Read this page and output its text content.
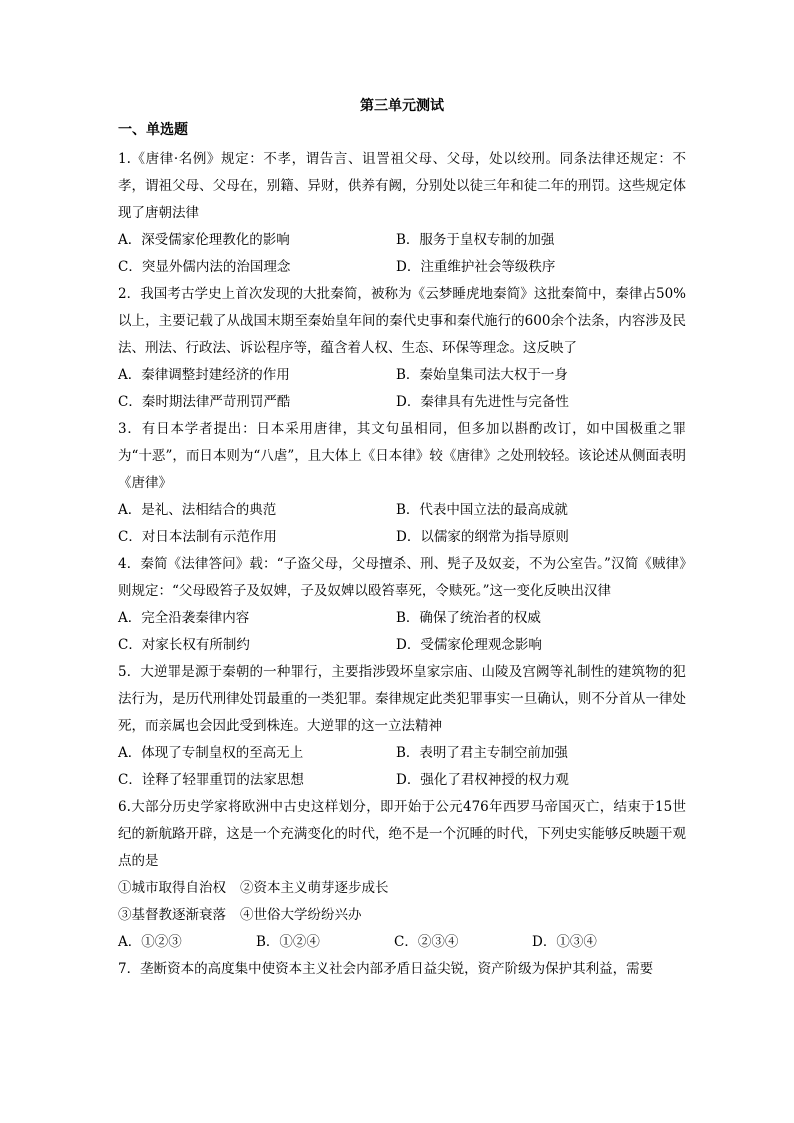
第三单元测试
一、单选题
1.《唐律·名例》规定：不孝，谓告言、诅詈祖父母、父母，处以绞刑。同条法律还规定：不孝，谓祖父母、父母在，别籍、异财，供养有阙，分别处以徒三年和徒二年的刑罚。这些规定体现了唐朝法律
A．深受儒家伦理教化的影响	B．服务于皇权专制的加强
C．突显外儒内法的治国理念	D．注重维护社会等级秩序
2．我国考古学史上首次发现的大批秦简，被称为《云梦睡虎地秦简》这批秦简中，秦律占50%以上，主要记载了从战国末期至秦始皇年间的秦代史事和秦代施行的600余个法条，内容涉及民法、刑法、行政法、诉讼程序等，蕴含着人权、生态、环保等理念。这反映了
A．秦律调整封建经济的作用	B．秦始皇集司法大权于一身
C．秦时期法律严苛刑罚严酷	D．秦律具有先进性与完备性
3．有日本学者提出：日本采用唐律，其文句虽相同，但多加以斟酌改订，如中国极重之罪为“十恶”，而日本则为“八虐”，且大体上《日本律》较《唐律》之处刑较轻。该论述从侧面表明《唐律》
A．是礼、法相结合的典范	B．代表中国立法的最高成就
C．对日本法制有示范作用	D．以儒家的纲常为指导原则
4．秦简《法律答问》载：“子盗父母，父母擅杀、刑、髡子及奴妾，不为公室告。”汉简《贼律》则规定：“父母殴笞子及奴婢，子及奴婢以殴笞辜死，令赎死。”这一变化反映出汉律
A．完全沿袭秦律内容	B．确保了统治者的权威
C．对家长权有所制约	D．受儒家伦理观念影响
5．大逆罪是源于秦朝的一种罪行，主要指涉毁坏皇家宗庙、山陵及宫阙等礼制性的建筑物的犯法行为，是历代刑律处罚最重的一类犯罪。秦律规定此类犯罪事实一旦确认，则不分首从一律处死，而亲属也会因此受到株连。大逆罪的这一立法精神
A．体现了专制皇权的至高无上	B．表明了君主专制空前加强
C．诠释了轻罪重罚的法家思想	D．强化了君权神授的权力观
6.大部分历史学家将欧洲中古史这样划分，即开始于公元476年西罗马帝国灭亡，结束于15世纪的新航路开辟，这是一个充满变化的时代，绝不是一个沉睡的时代，下列史实能够反映题干观点的是
①城市取得自治权 ②资本主义萌芽逐步成长
③基督教逐渐衰落 ④世俗大学纷纷兴办
A．①②③	B．①②④	C．②③④	D．①③④
7．垄断资本的高度集中使资本主义社会内部矛盾日益尖锐，资产阶级为保护其利益，需要
